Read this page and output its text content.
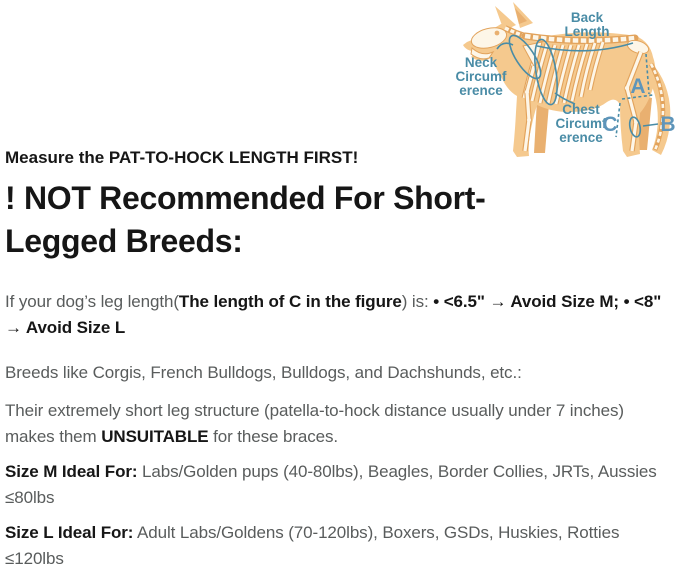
Back
Length
Neck
Circumf
erence
Chest
Circumf
erence
A
C B
Measure the PAT-TO-HOCK LENGTH FIRST!
! NOT Recommended For Short-
Legged Breeds:

If your dog’s leg length(The length of C in the figure) is: • <6.5" → Avoid Size M; • <8" → Avoid Size L

Breeds like Corgis, French Bulldogs, Bulldogs, and Dachshunds, etc.:

Their extremely short leg structure (patella-to-hock distance usually under 7 inches) makes them UNSUITABLE for these braces.

Size M Ideal For: Labs/Golden pups (40-80lbs), Beagles, Border Collies, JRTs, Aussies ≤80lbs

Size L Ideal For: Adult Labs/Goldens (70-120lbs), Boxers, GSDs, Huskies, Rotties ≤120lbs
